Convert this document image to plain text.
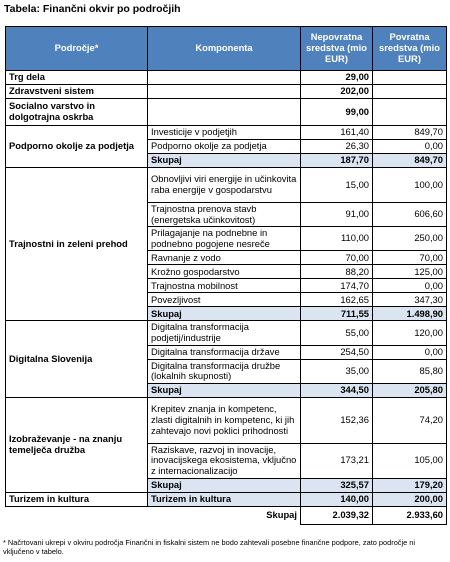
Tabela: Finančni okvir po področjih
Področje*	Komponenta	Nepovratna sredstva (mio EUR)	Povratna sredstva (mio EUR)
Trg dela		29,00	
Zdravstveni sistem		202,00	
Socialno varstvo in dolgotrajna oskrba		99,00	
Podporno okolje za podjetja	Investicije v podjetjih	161,40	849,70
	Podporno okolje za podjetja	26,30	0,00
	Skupaj	187,70	849,70
Trajnostni in zeleni prehod	Obnovljivi viri energije in učinkovita raba energije v gospodarstvu	15,00	100,00
	Trajnostna prenova stavb (energetska učinkovitost)	91,00	606,60
	Prilagajanje na podnebne in podnebno pogojene nesreče	110,00	250,00
	Ravnanje z vodo	70,00	70,00
	Krožno gospodarstvo	88,20	125,00
	Trajnostna mobilnost	174,70	0,00
	Povezljivost	162,65	347,30
	Skupaj	711,55	1.498,90
Digitalna Slovenija	Digitalna transformacija podjetij/industrije	55,00	120,00
	Digitalna transformacija države	254,50	0,00
	Digitalna transformacija družbe (lokalnih skupnosti)	35,00	85,80
	Skupaj	344,50	205,80
Izobraževanje - na znanju temelječa družba	Krepitev znanja in kompetenc, zlasti digitalnih in kompetenc, ki jih zahtevajo novi poklici prihodnosti	152,36	74,20
	Raziskave, razvoj in inovacije, inovacijskega ekosistema, vključno z internacionalizacijo	173,21	105,00
	Skupaj	325,57	179,20
Turizem in kultura	Turizem in kultura	140,00	200,00
	Skupaj	2.039,32	2.933,60
* Načrtovani ukrepi v okviru področja Finančni in fiskalni sistem ne bodo zahtevali posebne finančne podpore, zato področje ni vključeno v tabelo.
